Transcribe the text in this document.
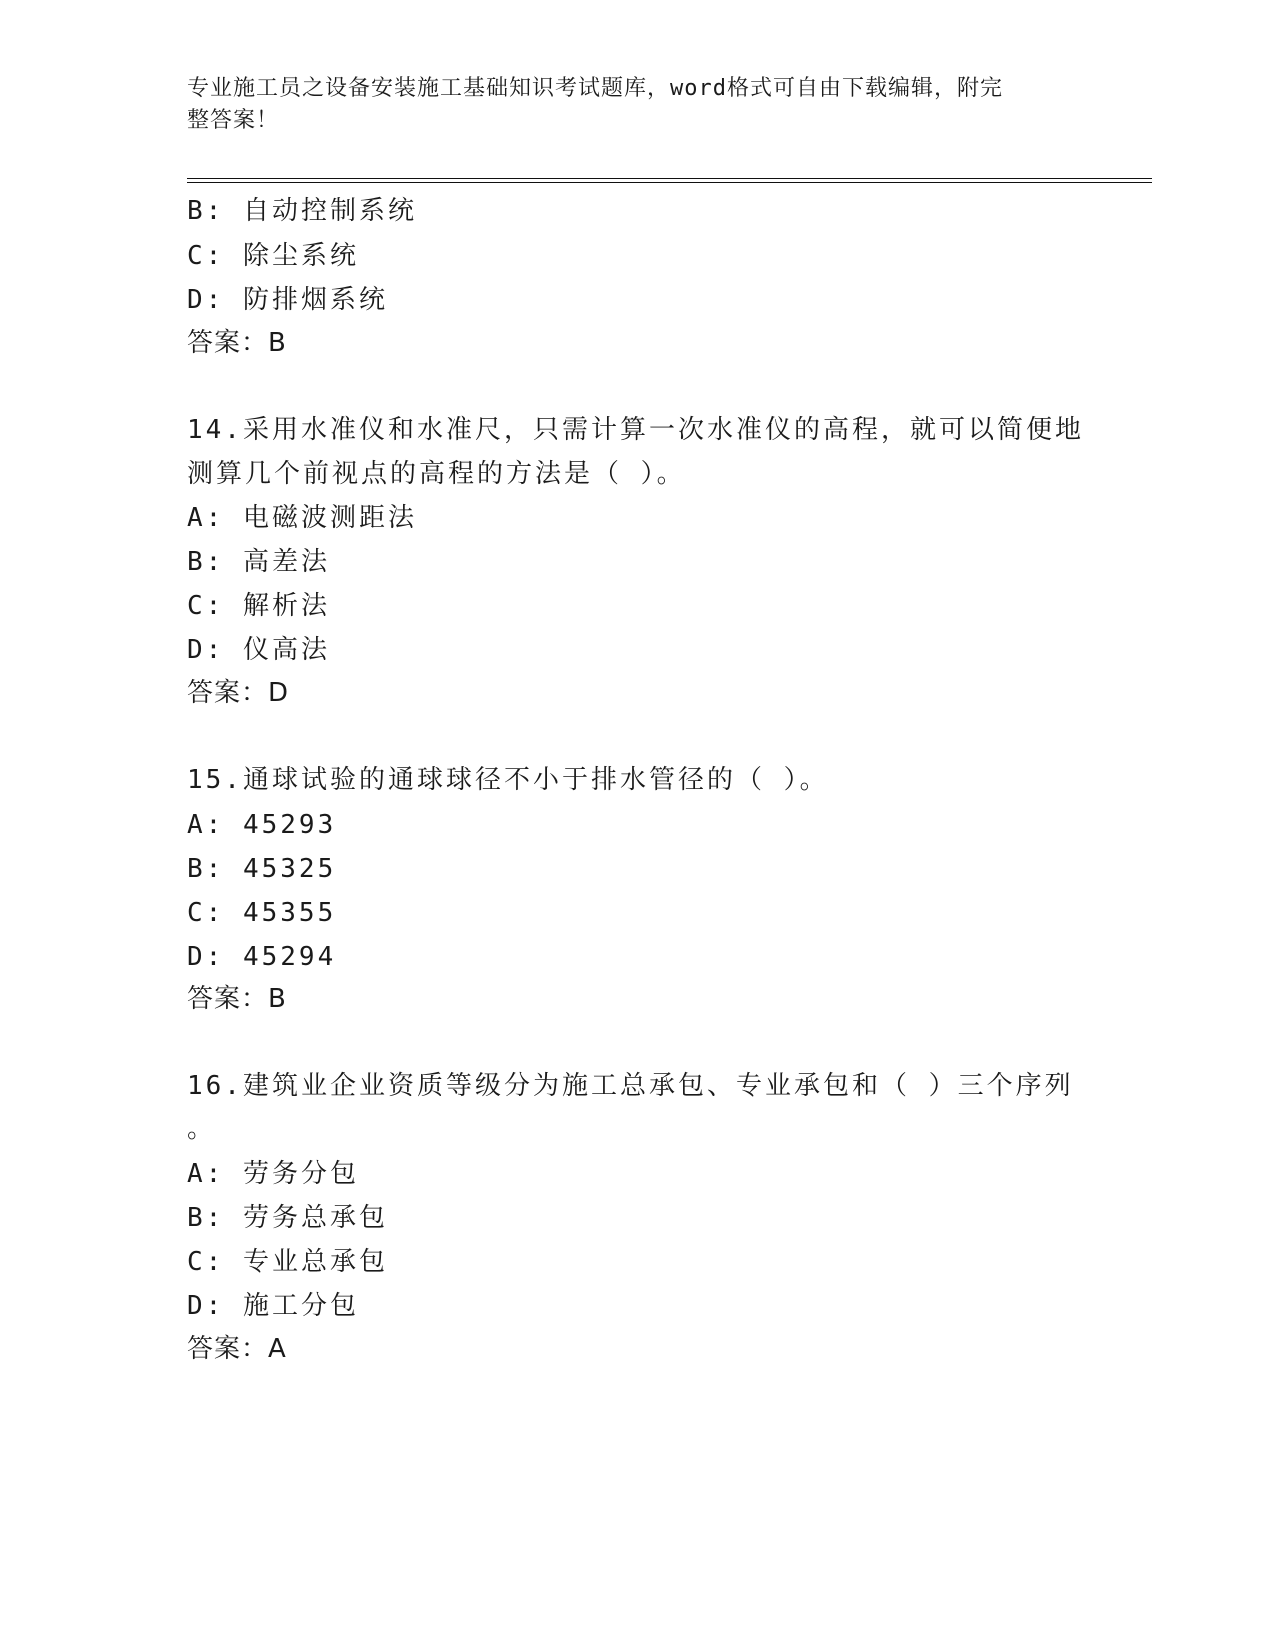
专业施工员之设备安装施工基础知识考试题库，word格式可自由下载编辑，附完
整答案！
B: 自动控制系统
C: 除尘系统
D: 防排烟系统
答案：B
14.采用水准仪和水准尺，只需计算一次水准仪的高程，就可以简便地
测算几个前视点的高程的方法是（ ）。
A: 电磁波测距法
B: 高差法
C: 解析法
D: 仪高法
答案：D
15.通球试验的通球球径不小于排水管径的（ ）。
A: 45293
B: 45325
C: 45355
D: 45294
答案：B
16.建筑业企业资质等级分为施工总承包、专业承包和（ ）三个序列
。
A: 劳务分包
B: 劳务总承包
C: 专业总承包
D: 施工分包
答案：A
